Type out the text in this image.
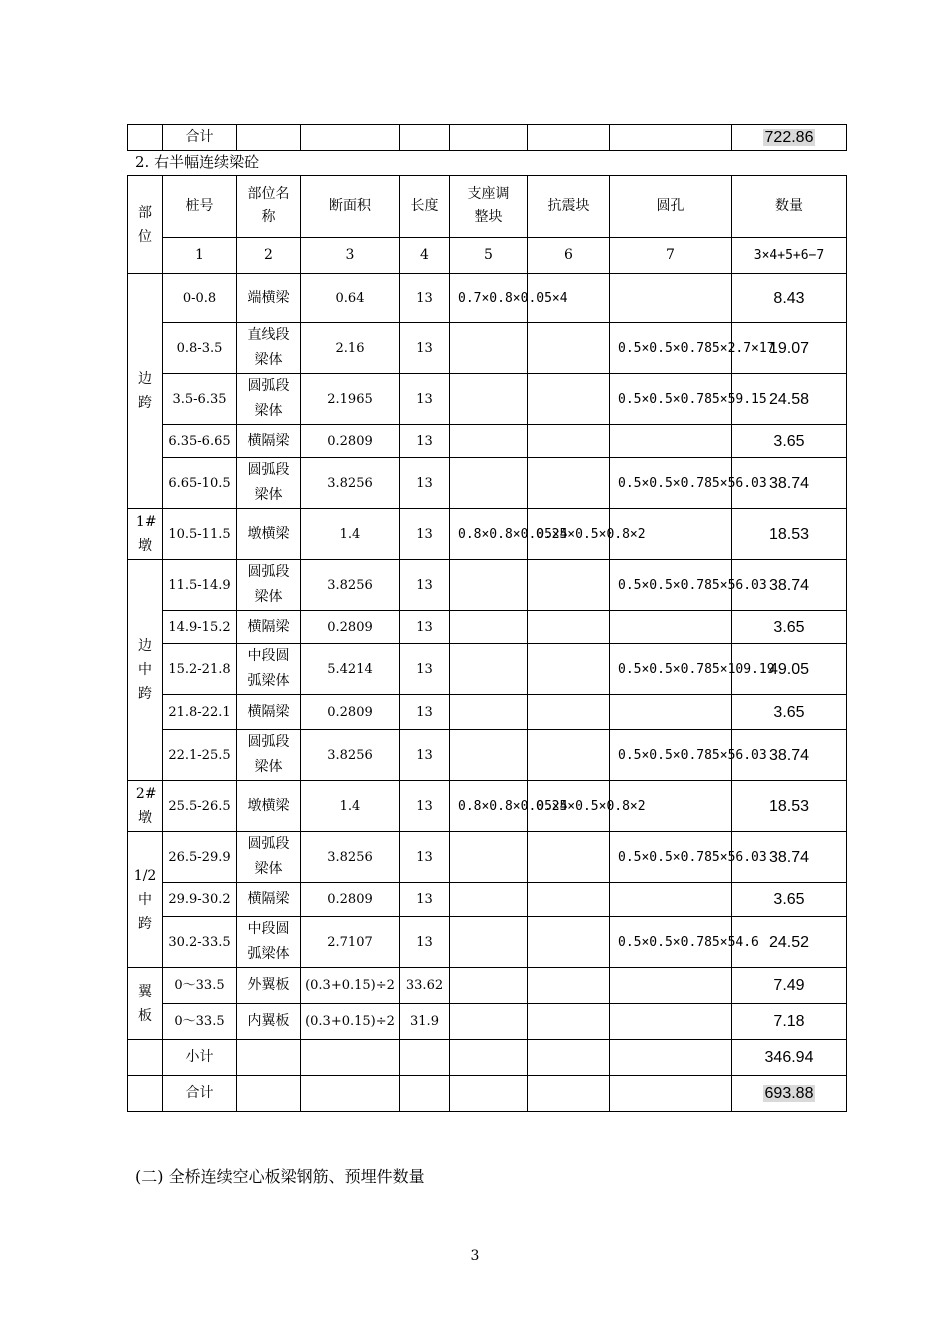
	合计							722.86
2. 右半幅连续梁砼
部位	桩号	部位名称	断面积	长度	支座调整块	抗震块	圆孔	数量
	1	2	3	4	5	6	7	3×4+5+6−7
边跨	0-0.8	端横梁	0.64	13	0.7×0.8×0.05×4			8.43
	0.8-3.5	直线段梁体	2.16	13			0.5×0.5×0.785×2.7×17	19.07
	3.5-6.35	圆弧段梁体	2.1965	13			0.5×0.5×0.785×59.15	24.58
	6.35-6.65	横隔梁	0.2809	13				3.65
	6.65-10.5	圆弧段梁体	3.8256	13			0.5×0.5×0.785×56.03	38.74
1#墩	10.5-11.5	墩横梁	1.4	13	0.8×0.8×0.05×4	0.25×0.5×0.8×2		18.53
边中跨	11.5-14.9	圆弧段梁体	3.8256	13			0.5×0.5×0.785×56.03	38.74
	14.9-15.2	横隔梁	0.2809	13				3.65
	15.2-21.8	中段圆弧梁体	5.4214	13			0.5×0.5×0.785×109.19	49.05
	21.8-22.1	横隔梁	0.2809	13				3.65
	22.1-25.5	圆弧段梁体	3.8256	13			0.5×0.5×0.785×56.03	38.74
2#墩	25.5-26.5	墩横梁	1.4	13	0.8×0.8×0.05×4	0.25×0.5×0.8×2		18.53
1/2中跨	26.5-29.9	圆弧段梁体	3.8256	13			0.5×0.5×0.785×56.03	38.74
	29.9-30.2	横隔梁	0.2809	13				3.65
	30.2-33.5	中段圆弧梁体	2.7107	13			0.5×0.5×0.785×54.6	24.52
翼板	0～33.5	外翼板	(0.3+0.15)÷2	33.62				7.49
	0～33.5	内翼板	(0.3+0.15)÷2	31.9				7.18
	小计							346.94
	合计							693.88
(二) 全桥连续空心板梁钢筋、预埋件数量
3
